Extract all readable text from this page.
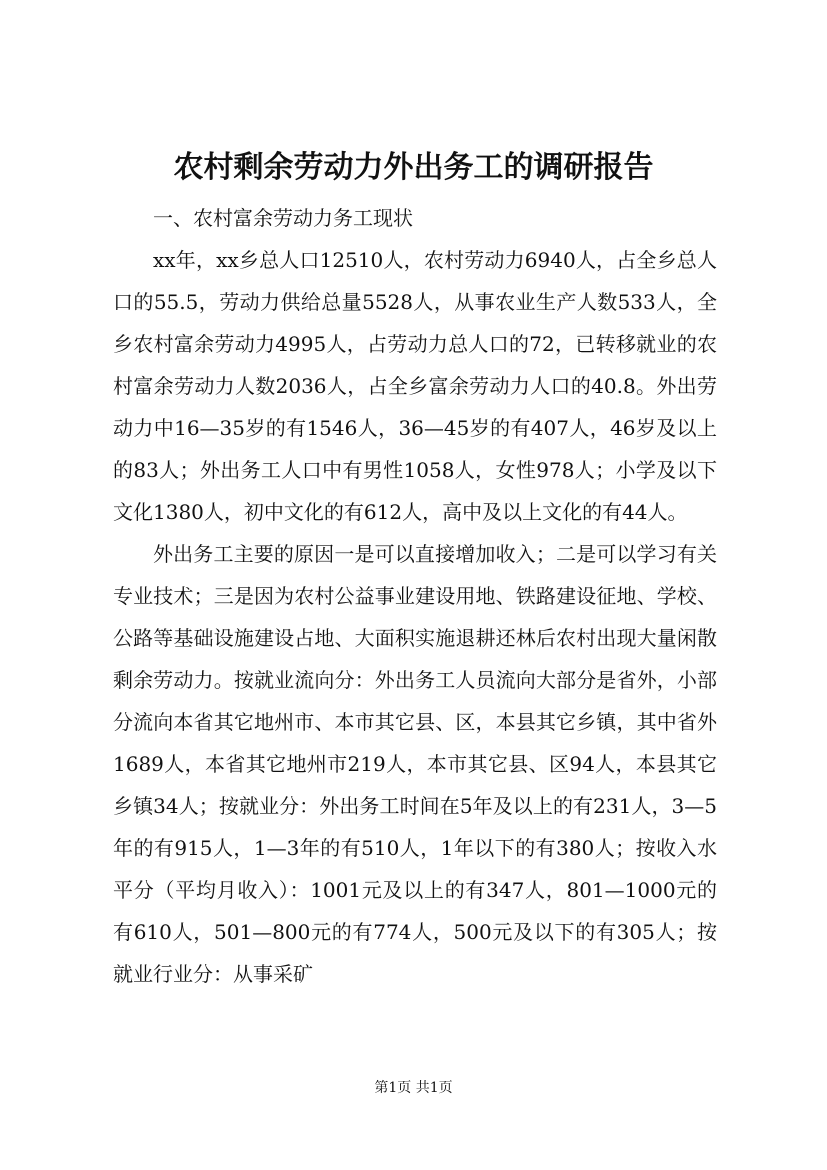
农村剩余劳动力外出务工的调研报告

一、农村富余劳动力务工现状

xx年，xx乡总人口12510人，农村劳动力6940人，占全乡总人口的55.5，劳动力供给总量5528人，从事农业生产人数533人，全乡农村富余劳动力4995人，占劳动力总人口的72，已转移就业的农村富余劳动力人数2036人，占全乡富余劳动力人口的40.8。外出劳动力中16—35岁的有1546人，36—45岁的有407人，46岁及以上的83人；外出务工人口中有男性1058人，女性978人；小学及以下文化1380人，初中文化的有612人，高中及以上文化的有44人。

外出务工主要的原因一是可以直接增加收入；二是可以学习有关专业技术；三是因为农村公益事业建设用地、铁路建设征地、学校、公路等基础设施建设占地、大面积实施退耕还林后农村出现大量闲散剩余劳动力。按就业流向分：外出务工人员流向大部分是省外，小部分流向本省其它地州市、本市其它县、区，本县其它乡镇，其中省外1689人，本省其它地州市219人，本市其它县、区94人，本县其它乡镇34人；按就业分：外出务工时间在5年及以上的有231人，3—5年的有915人，1—3年的有510人，1年以下的有380人；按收入水平分（平均月收入）：1001元及以上的有347人，801—1000元的有610人，501—800元的有774人，500元及以下的有305人；按就业行业分：从事采矿

第1页 共1页
